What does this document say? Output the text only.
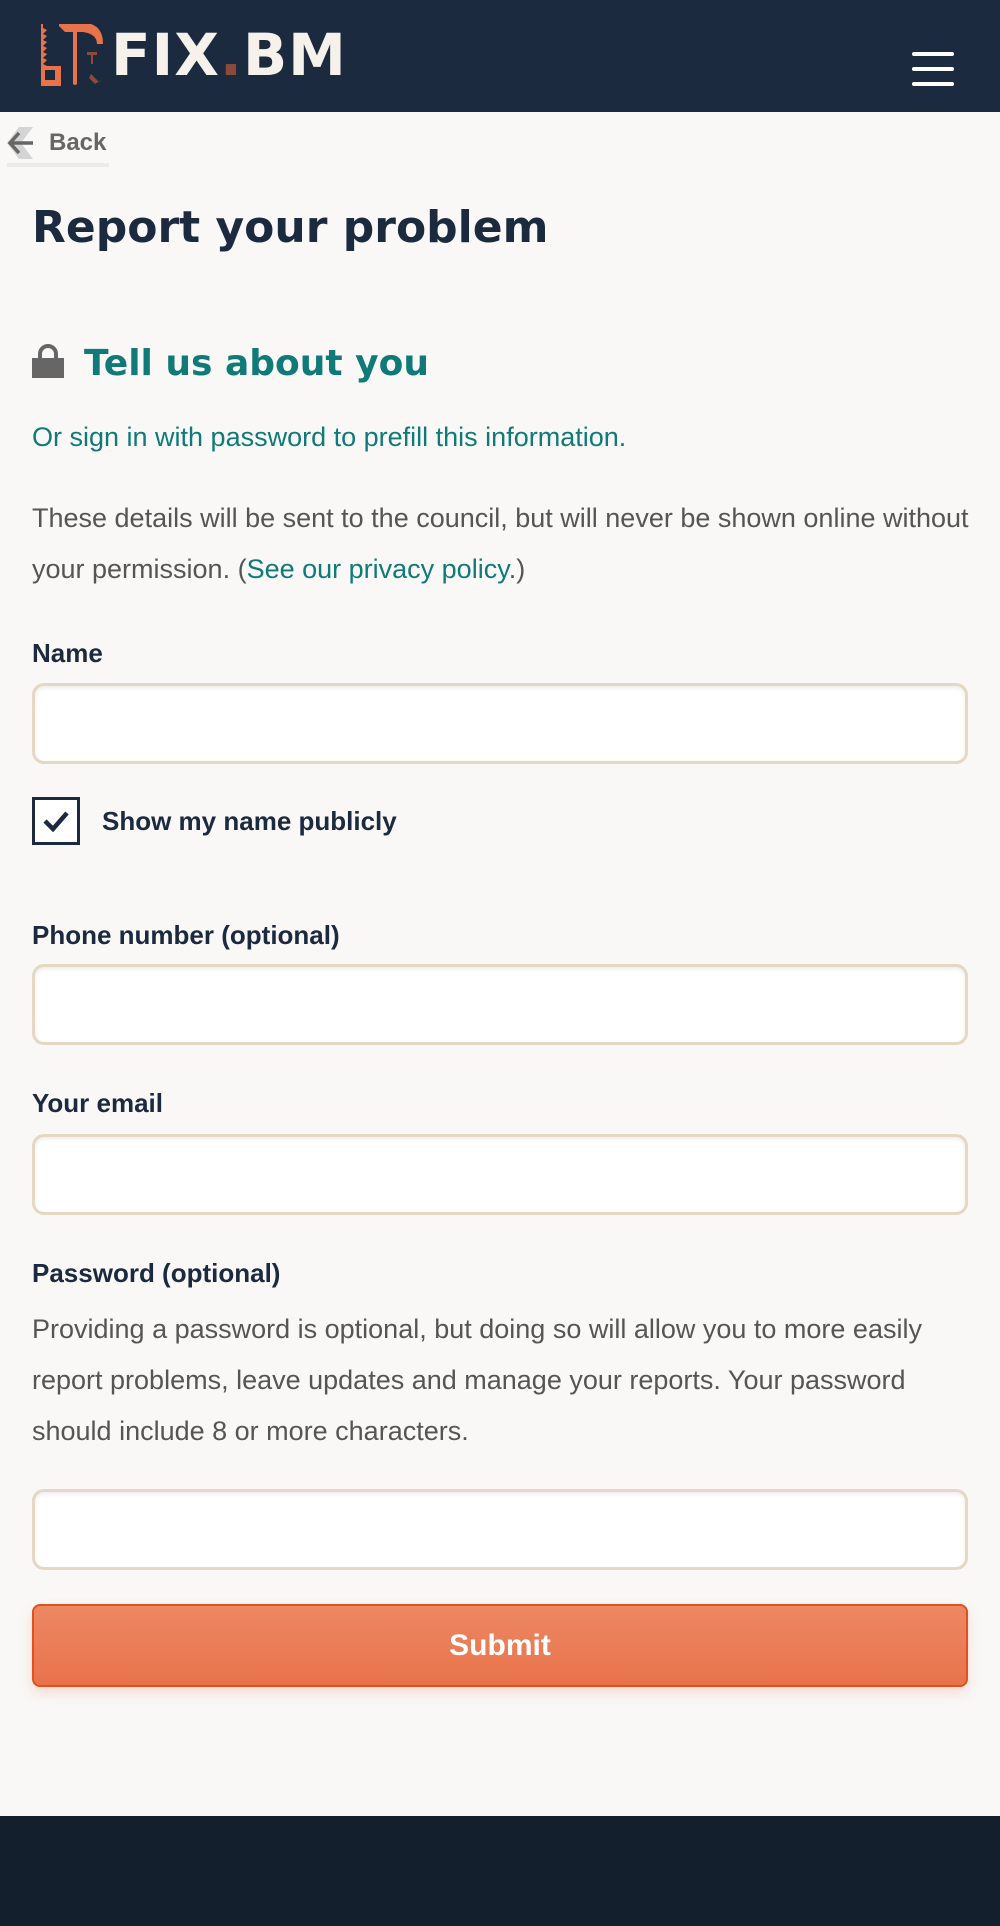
FIX.BM
Back
Report your problem
Tell us about you
Or sign in with password to prefill this information.

These details will be sent to the council, but will never be shown online without your permission. (See our privacy policy.)

Name
Show my name publicly
Phone number (optional)
Your email
Password (optional)

Providing a password is optional, but doing so will allow you to more easily report problems, leave updates and manage your reports. Your password should include 8 or more characters.

Submit
